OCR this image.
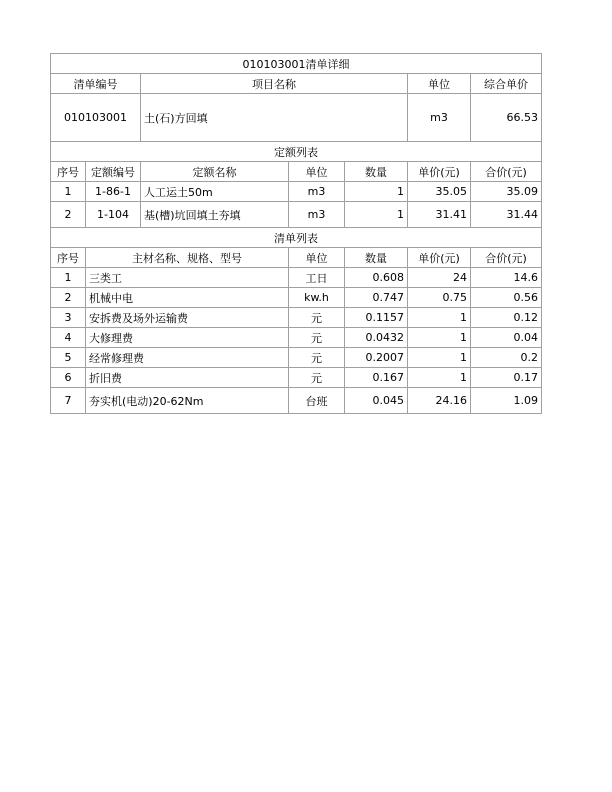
010103001清单详细						
清单编号		项目名称			单位	综合单价
010103001		土(石)方回填			m3	66.53
定额列表						
序号	定额编号	定额名称	单位	数量	单价(元)	合价(元)
1	1-86-1	人工运土50m	m3	1	35.05	35.09
2	1-104	基(槽)坑回填土夯填	m3	1	31.41	31.44
清单列表						
序号	主材名称、规格、型号		单位	数量	单价(元)	合价(元)
1	三类工		工日	0.608	24	14.6
2	机械中电		kw.h	0.747	0.75	0.56
3	安拆费及场外运输费		元	0.1157	1	0.12
4	大修理费		元	0.0432	1	0.04
5	经常修理费		元	0.2007	1	0.2
6	折旧费		元	0.167	1	0.17
7	夯实机(电动)20-62Nm		台班	0.045	24.16	1.09
